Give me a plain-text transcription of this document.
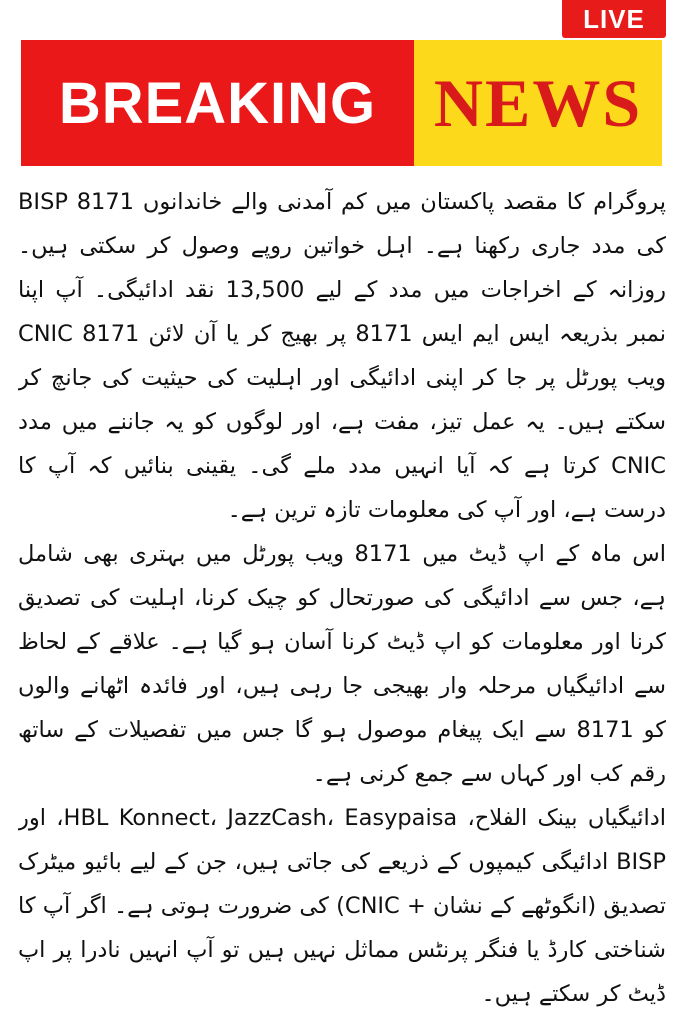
LIVE
BREAKING NEWS

BISP 8171 پروگرام کا مقصد پاکستان میں کم آمدنی والے خاندانوں کی مدد جاری رکھنا ہے۔ اہل خواتین روپے وصول کر سکتی ہیں۔ روزانہ کے اخراجات میں مدد کے لیے 13,500 نقد ادائیگی۔ آپ اپنا CNIC نمبر بذریعہ ایس ایم ایس 8171 پر بھیج کر یا آن لائن 8171 ویب پورٹل پر جا کر اپنی ادائیگی اور اہلیت کی حیثیت کی جانچ کر سکتے ہیں۔ یہ عمل تیز، مفت ہے، اور لوگوں کو یہ جاننے میں مدد کرتا ہے کہ آیا انہیں مدد ملے گی۔ یقینی بنائیں کہ آپ کا CNIC درست ہے، اور آپ کی معلومات تازہ ترین ہے۔

اس ماہ کے اپ ڈیٹ میں 8171 ویب پورٹل میں بہتری بھی شامل ہے، جس سے ادائیگی کی صورتحال کو چیک کرنا، اہلیت کی تصدیق کرنا اور معلومات کو اپ ڈیٹ کرنا آسان ہو گیا ہے۔ علاقے کے لحاظ سے ادائیگیاں مرحلہ وار بھیجی جا رہی ہیں، اور فائدہ اٹھانے والوں کو 8171 سے ایک پیغام موصول ہو گا جس میں تفصیلات کے ساتھ رقم کب اور کہاں سے جمع کرنی ہے۔

ادائیگیاں بینک الفلاح، HBL Konnect، JazzCash، Easypaisa، اور BISP ادائیگی کیمپوں کے ذریعے کی جاتی ہیں، جن کے لیے بائیو میٹرک تصدیق (انگوٹھے کے نشان + CNIC) کی ضرورت ہوتی ہے۔ اگر آپ کا شناختی کارڈ یا فنگر پرنٹس مماثل نہیں ہیں تو آپ انہیں نادرا پر اپ ڈیٹ کر سکتے ہیں۔
